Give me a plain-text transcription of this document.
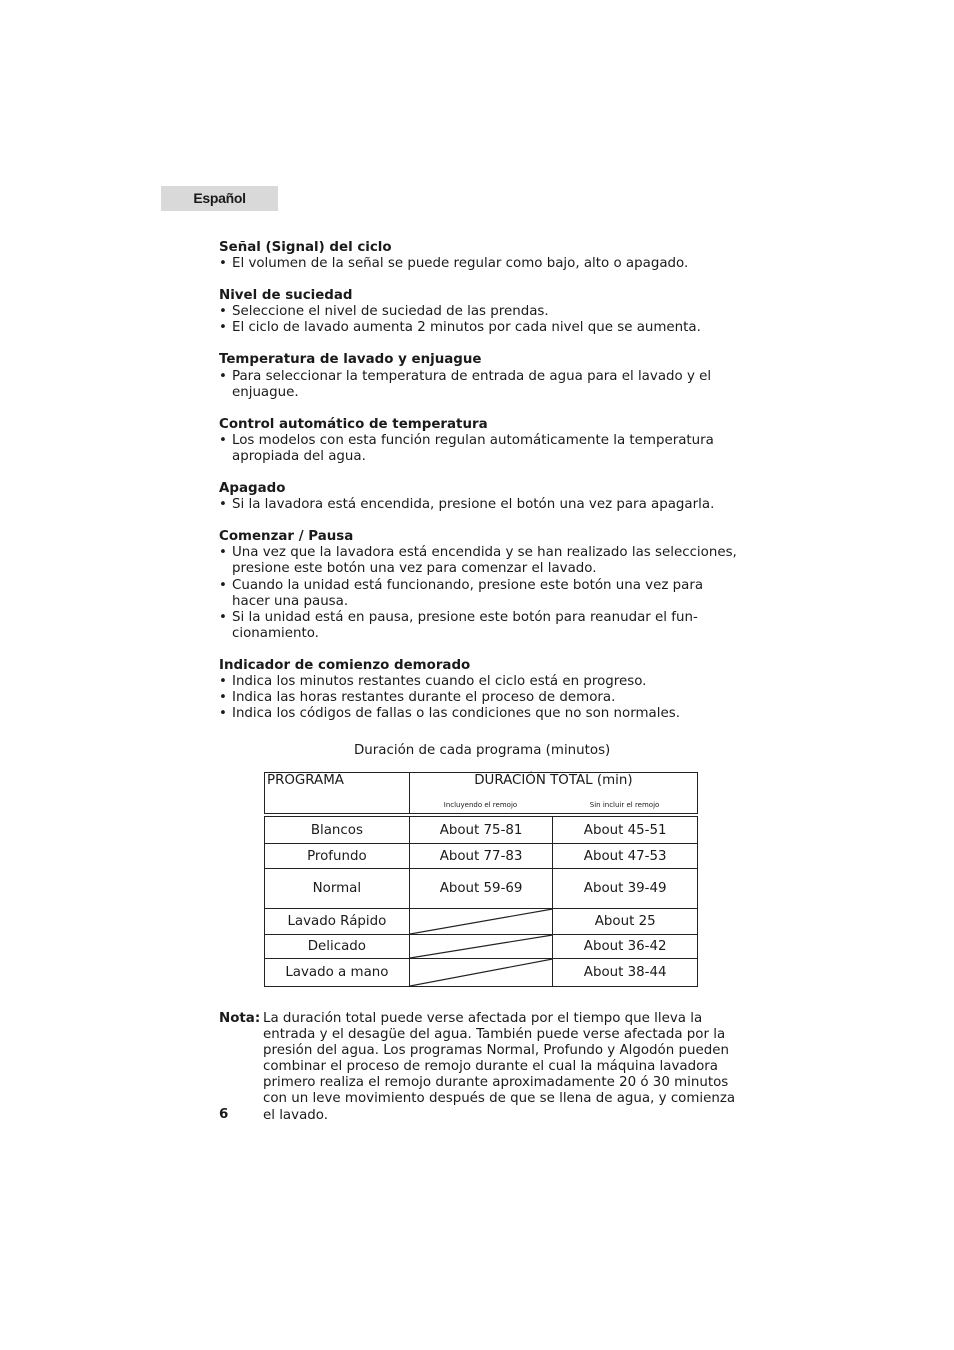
Español
Señal (Signal) del ciclo
• El volumen de la señal se puede regular como bajo, alto o apagado.
Nivel de suciedad
• Seleccione el nivel de suciedad de las prendas.
• El ciclo de lavado aumenta 2 minutos por cada nivel que se aumenta.
Temperatura de lavado y enjuague
• Para seleccionar la temperatura de entrada de agua para el lavado y el enjuague.
Control automático de temperatura
• Los modelos con esta función regulan automáticamente la temperatura apropiada del agua.
Apagado
• Si la lavadora está encendida, presione el botón una vez para apagarla.
Comenzar / Pausa
• Una vez que la lavadora está encendida y se han realizado las selecciones, presione este botón una vez para comenzar el lavado.
• Cuando la unidad está funcionando, presione este botón una vez para hacer una pausa.
• Si la unidad está en pausa, presione este botón para reanudar el fun- cionamiento.
Indicador de comienzo demorado
• Indica los minutos restantes cuando el ciclo está en progreso.
• Indica las horas restantes durante el proceso de demora.
• Indica los códigos de fallas o las condiciones que no son normales.
Duración de cada programa (minutos)
PROGRAMA	DURACIÓN TOTAL (min)
Incluyendo el remojo Sin incluir el remojo	

Blancos	About 75-81	About 45-51
Profundo	About 77-83	About 47-53
Normal	About 59-69	About 39-49
Lavado Rápido		About 25
Delicado		About 36-42
Lavado a mano		About 38-44
Nota: La duración total puede verse afectada por el tiempo que lleva la entrada y el desagüe del agua. También puede verse afectada por la presión del agua. Los programas Normal, Profundo y Algodón pueden combinar el proceso de remojo durante el cual la máquina lavadora primero realiza el remojo durante aproximadamente 20 ó 30 minutos con un leve movimiento después de que se llena de agua, y comienza el lavado.
6
